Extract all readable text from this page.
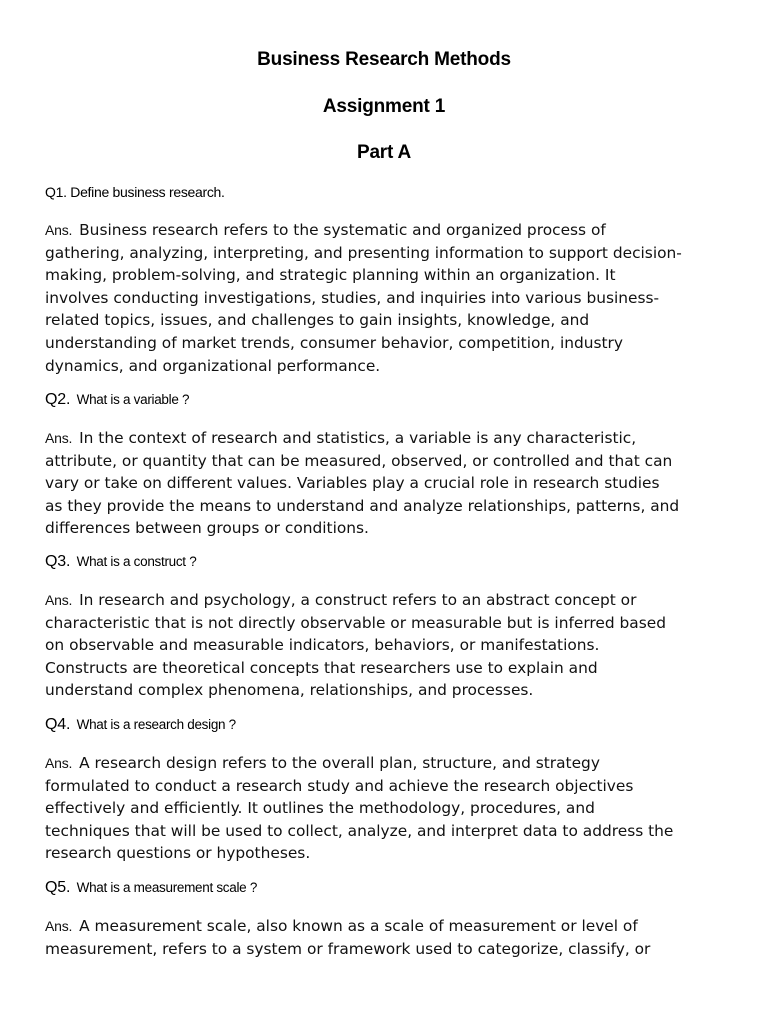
Business Research Methods
Assignment 1
Part A

Q1. Define business research.

Ans. Business research refers to the systematic and organized process of
gathering, analyzing, interpreting, and presenting information to support decision-
making, problem-solving, and strategic planning within an organization. It
involves conducting investigations, studies, and inquiries into various business-
related topics, issues, and challenges to gain insights, knowledge, and
understanding of market trends, consumer behavior, competition, industry
dynamics, and organizational performance.

Q2. What is a variable ?

Ans. In the context of research and statistics, a variable is any characteristic,
attribute, or quantity that can be measured, observed, or controlled and that can
vary or take on different values. Variables play a crucial role in research studies
as they provide the means to understand and analyze relationships, patterns, and
differences between groups or conditions.

Q3. What is a construct ?

Ans. In research and psychology, a construct refers to an abstract concept or
characteristic that is not directly observable or measurable but is inferred based
on observable and measurable indicators, behaviors, or manifestations.
Constructs are theoretical concepts that researchers use to explain and
understand complex phenomena, relationships, and processes.

Q4. What is a research design ?

Ans. A research design refers to the overall plan, structure, and strategy
formulated to conduct a research study and achieve the research objectives
effectively and efficiently. It outlines the methodology, procedures, and
techniques that will be used to collect, analyze, and interpret data to address the
research questions or hypotheses.

Q5. What is a measurement scale ?

Ans. A measurement scale, also known as a scale of measurement or level of
measurement, refers to a system or framework used to categorize, classify, or
